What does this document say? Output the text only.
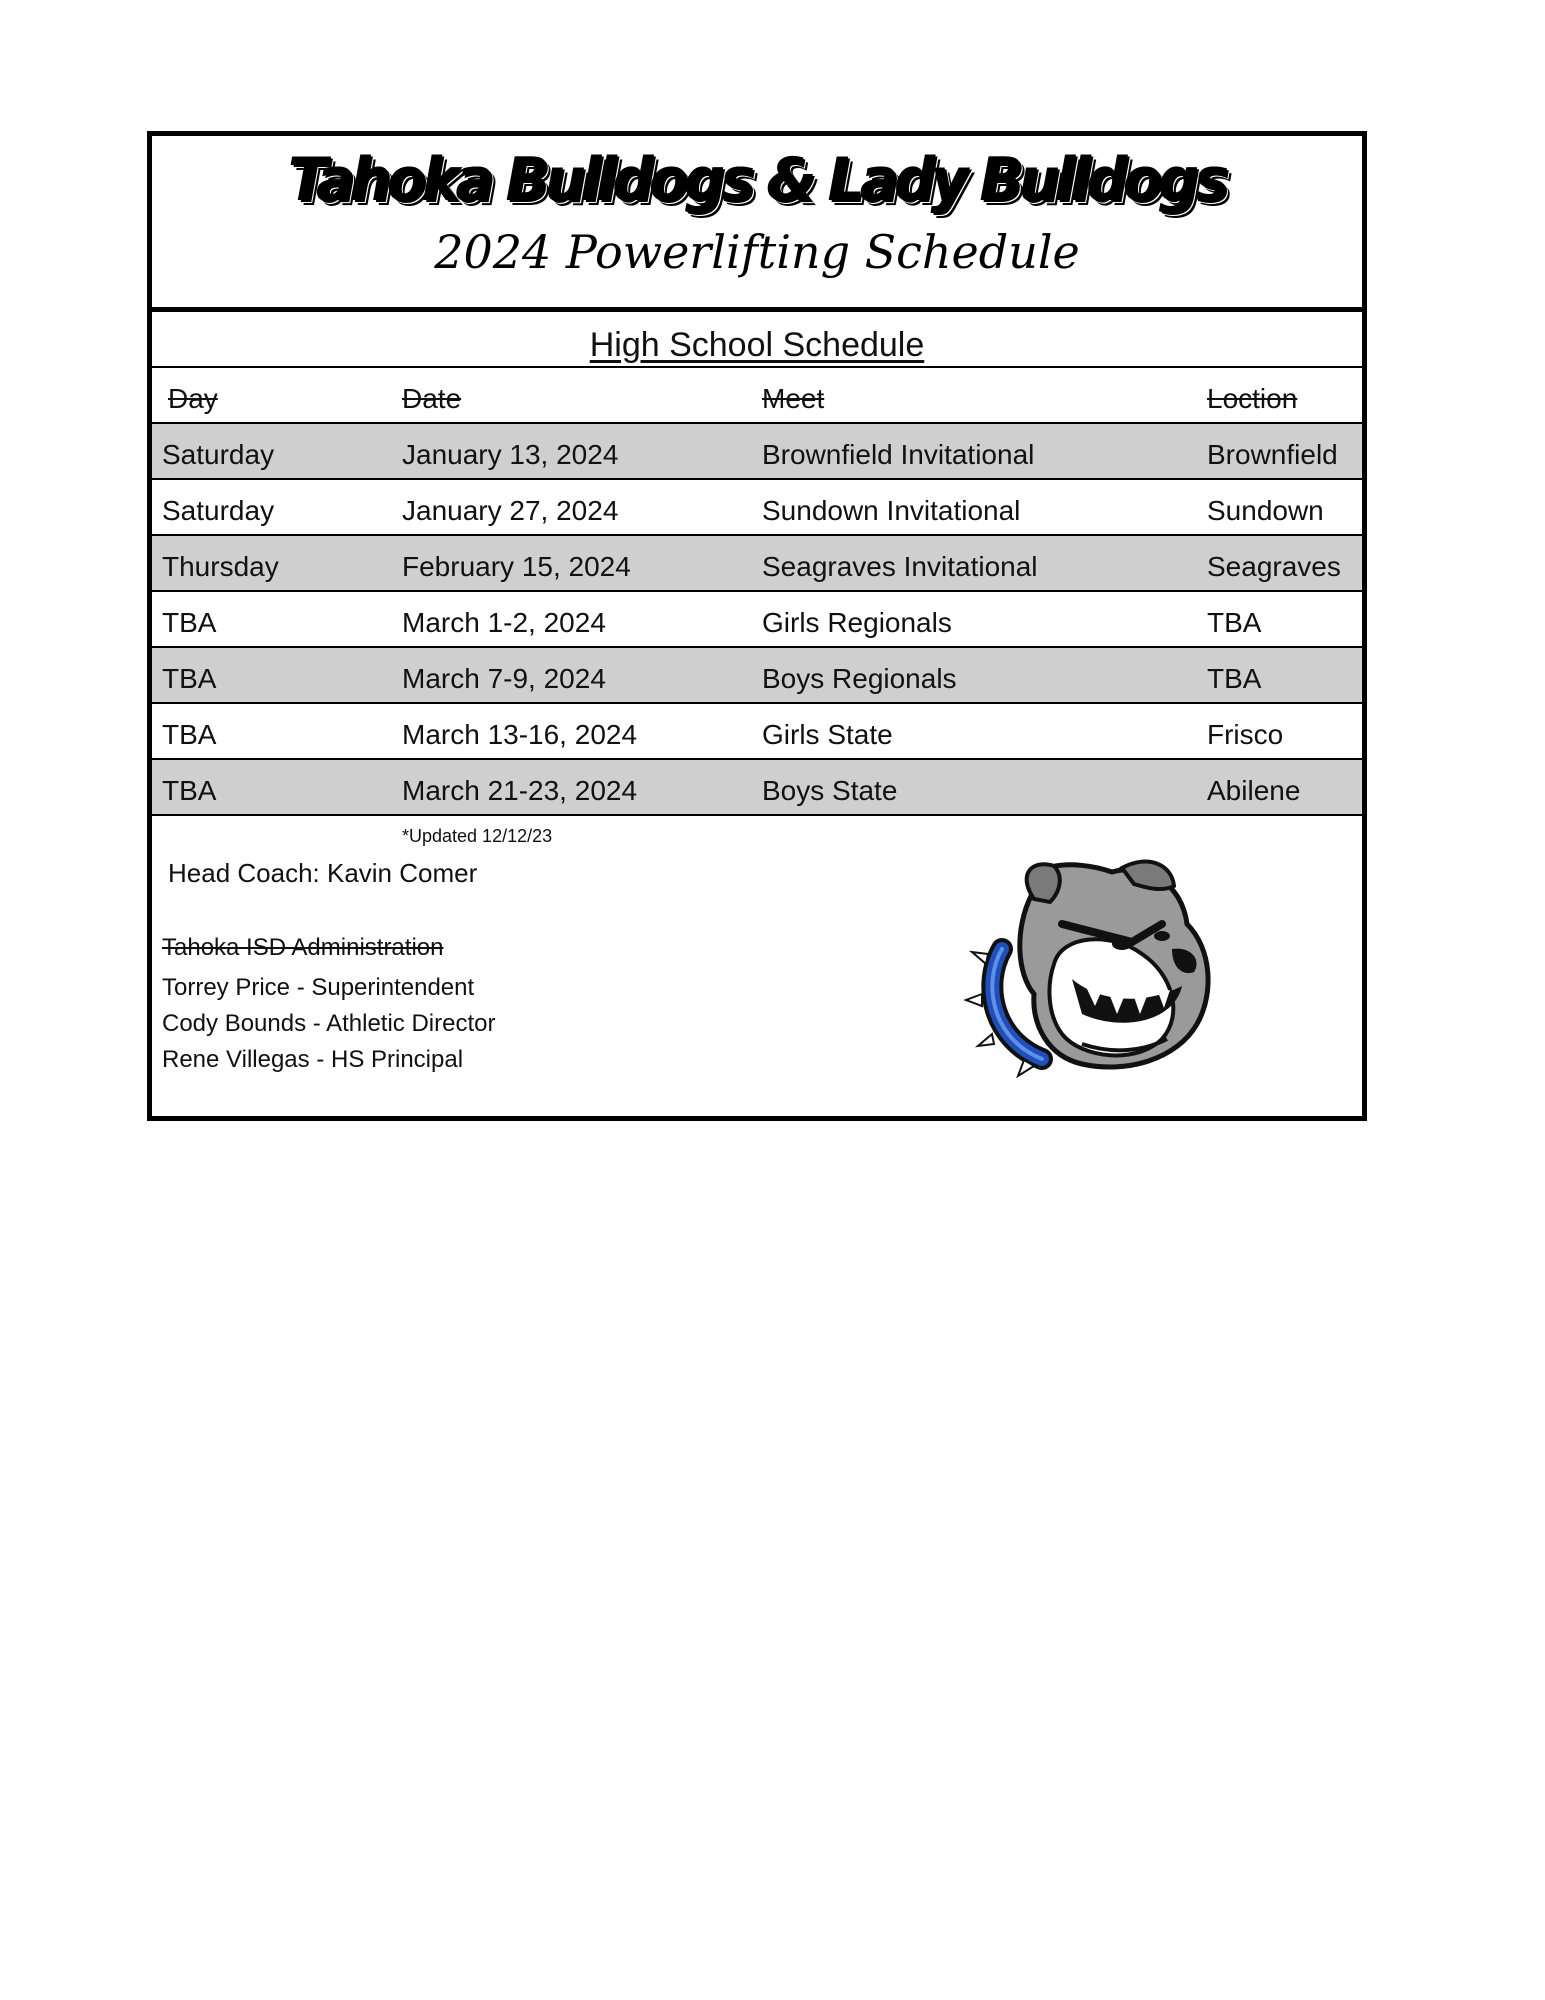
Tahoka Bulldogs & Lady Bulldogs
2024 Powerlifting Schedule
High School Schedule
Day	Date	Meet	Loction
Saturday	January 13, 2024	Brownfield Invitational	Brownfield
Saturday	January 27, 2024	Sundown Invitational	Sundown
Thursday	February 15, 2024	Seagraves Invitational	Seagraves
TBA	March 1-2, 2024	Girls Regionals	TBA
TBA	March 7-9, 2024	Boys Regionals	TBA
TBA	March 13-16, 2024	Girls State	Frisco
TBA	March 21-23, 2024	Boys State	Abilene
*Updated 12/12/23
Head Coach: Kavin Comer
Tahoka ISD Administration
Torrey Price - Superintendent
Cody Bounds - Athletic Director
Rene Villegas - HS Principal
